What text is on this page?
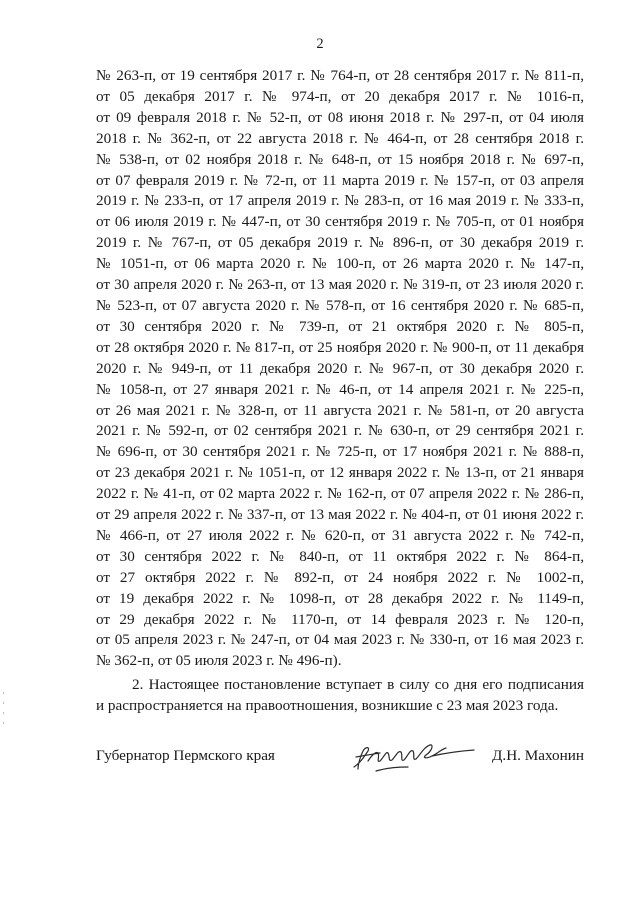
2
№ 263-п, от 19 сентября 2017 г. № 764-п, от 28 сентября 2017 г. № 811-п,
от 05 декабря 2017 г. № 974-п, от 20 декабря 2017 г. № 1016-п,
от 09 февраля 2018 г. № 52-п, от 08 июня 2018 г. № 297-п, от 04 июля
2018 г. № 362-п, от 22 августа 2018 г. № 464-п, от 28 сентября 2018 г.
№ 538-п, от 02 ноября 2018 г. № 648-п, от 15 ноября 2018 г. № 697-п,
от 07 февраля 2019 г. № 72-п, от 11 марта 2019 г. № 157-п, от 03 апреля
2019 г. № 233-п, от 17 апреля 2019 г. № 283-п, от 16 мая 2019 г. № 333-п,
от 06 июля 2019 г. № 447-п, от 30 сентября 2019 г. № 705-п, от 01 ноября
2019 г. № 767-п, от 05 декабря 2019 г. № 896-п, от 30 декабря 2019 г.
№ 1051-п, от 06 марта 2020 г. № 100-п, от 26 марта 2020 г. № 147-п,
от 30 апреля 2020 г. № 263-п, от 13 мая 2020 г. № 319-п, от 23 июля 2020 г.
№ 523-п, от 07 августа 2020 г. № 578-п, от 16 сентября 2020 г. № 685-п,
от 30 сентября 2020 г. № 739-п, от 21 октября 2020 г. № 805-п,
от 28 октября 2020 г. № 817-п, от 25 ноября 2020 г. № 900-п, от 11 декабря
2020 г. № 949-п, от 11 декабря 2020 г. № 967-п, от 30 декабря 2020 г.
№ 1058-п, от 27 января 2021 г. № 46-п, от 14 апреля 2021 г. № 225-п,
от 26 мая 2021 г. № 328-п, от 11 августа 2021 г. № 581-п, от 20 августа
2021 г. № 592-п, от 02 сентября 2021 г. № 630-п, от 29 сентября 2021 г.
№ 696-п, от 30 сентября 2021 г. № 725-п, от 17 ноября 2021 г. № 888-п,
от 23 декабря 2021 г. № 1051-п, от 12 января 2022 г. № 13-п, от 21 января
2022 г. № 41-п, от 02 марта 2022 г. № 162-п, от 07 апреля 2022 г. № 286-п,
от 29 апреля 2022 г. № 337-п, от 13 мая 2022 г. № 404-п, от 01 июня 2022 г.
№ 466-п, от 27 июля 2022 г. № 620-п, от 31 августа 2022 г. № 742-п,
от 30 сентября 2022 г. № 840-п, от 11 октября 2022 г. № 864-п,
от 27 октября 2022 г. № 892-п, от 24 ноября 2022 г. № 1002-п,
от 19 декабря 2022 г. № 1098-п, от 28 декабря 2022 г. № 1149-п,
от 29 декабря 2022 г. № 1170-п, от 14 февраля 2023 г. № 120-п,
от 05 апреля 2023 г. № 247-п, от 04 мая 2023 г. № 330-п, от 16 мая 2023 г.
№ 362-п, от 05 июля 2023 г. № 496-п).
2. Настоящее постановление вступает в силу со дня его подписания
и распространяется на правоотношения, возникшие с 23 мая 2023 года.
Губернатор Пермского края	Д.Н. Махонин
